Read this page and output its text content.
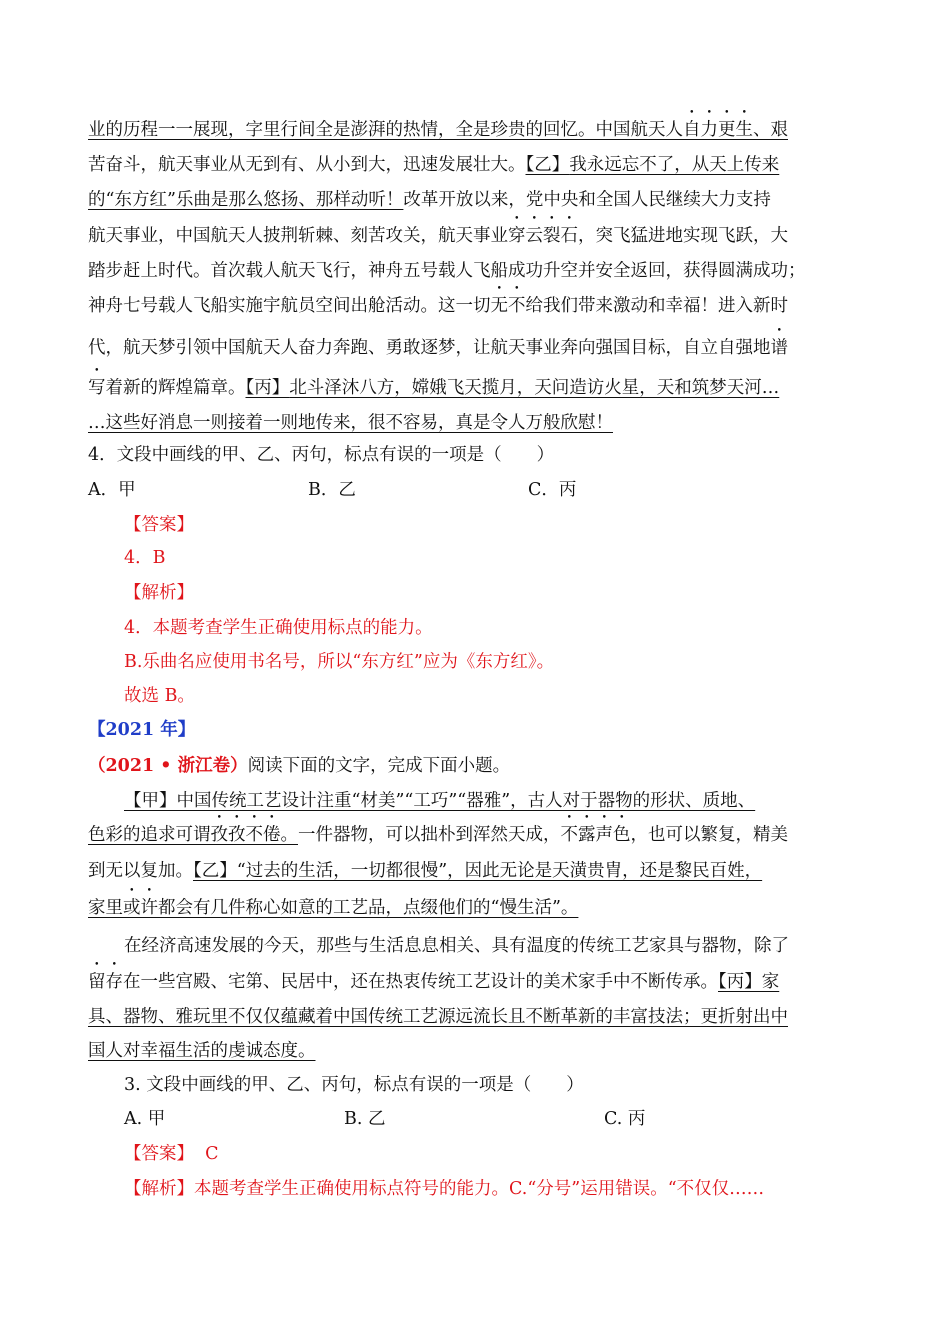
业的历程一一展现，字里行间全是澎湃的热情，全是珍贵的回忆。中国航天人自力更生、艰
苦奋斗，航天事业从无到有、从小到大，迅速发展壮大。【乙】我永远忘不了，从天上传来
的“东方红”乐曲是那么悠扬、那样动听！改革开放以来，党中央和全国人民继续大力支持
航天事业，中国航天人披荆斩棘、刻苦攻关，航天事业穿云裂石，突飞猛进地实现飞跃，大
踏步赶上时代。首次载人航天飞行，神舟五号载人飞船成功升空并安全返回，获得圆满成功；
神舟七号载人飞船实施宇航员空间出舱活动。这一切无不给我们带来激动和幸福！进入新时
代，航天梦引领中国航天人奋力奔跑、勇敢逐梦，让航天事业奔向强国目标，自立自强地谱
写着新的辉煌篇章。【丙】北斗泽沐八方，嫦娥飞天揽月，天问造访火星，天和筑梦天河…
…这些好消息一则接着一则地传来，很不容易，真是令人万般欣慰！
4．文段中画线的甲、乙、丙句，标点有误的一项是（　　）
A．甲	B．乙	C．丙
【答案】
4．B
【解析】
4．本题考查学生正确使用标点的能力。
B.乐曲名应使用书名号，所以“东方红”应为《东方红》。
故选 B。
【2021 年】
（2021 • 浙江卷）阅读下面的文字，完成下面小题。
【甲】中国传统工艺设计注重“材美”“工巧”“器雅”，古人对于器物的形状、质地、
色彩的追求可谓孜孜不倦。一件器物，可以拙朴到浑然天成，不露声色，也可以繁复，精美
到无以复加。【乙】“过去的生活，一切都很慢”，因此无论是天潢贵胄，还是黎民百姓，
家里或许都会有几件称心如意的工艺品，点缀他们的“慢生活”。
在经济高速发展的今天，那些与生活息息相关、具有温度的传统工艺家具与器物，除了
留存在一些宫殿、宅第、民居中，还在热衷传统工艺设计的美术家手中不断传承。【丙】家
具、器物、雅玩里不仅仅蕴藏着中国传统工艺源远流长且不断革新的丰富技法；更折射出中
国人对幸福生活的虔诚态度。
3. 文段中画线的甲、乙、丙句，标点有误的一项是（　　）
A. 甲	B. 乙	C. 丙
【答案】 C
【解析】本题考查学生正确使用标点符号的能力。C.“分号”运用错误。“不仅仅……
